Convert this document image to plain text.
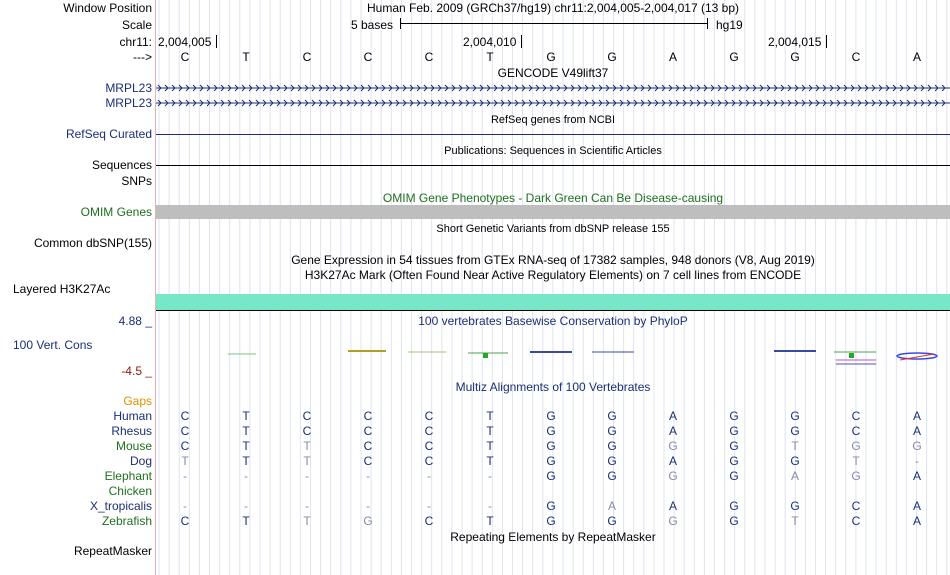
Window Position	Human Feb. 2009 (GRCh37/hg19) chr11:2,004,005-2,004,017 (13 bp)
Scale	5 bases	hg19
chr11: 2,004,005	2,004,010	2,004,015
---> C	T	C	C	C	T	G	G	A	G	G	C	A
GENCODE V49lift37
MRPL23
MRPL23
RefSeq genes from NCBI
RefSeq Curated
Publications: Sequences in Scientific Articles
Sequences
SNPs
OMIM Gene Phenotypes - Dark Green Can Be Disease-causing
OMIM Genes
Short Genetic Variants from dbSNP release 155
Common dbSNP(155)
Gene Expression in 54 tissues from GTEx RNA-seq of 17382 samples, 948 donors (V8, Aug 2019)
H3K27Ac Mark (Often Found Near Active Regulatory Elements) on 7 cell lines from ENCODE
Layered H3K27Ac
4.88 _	100 vertebrates Basewise Conservation by PhyloP
100 Vert. Cons
-4.5 _
Multiz Alignments of 100 Vertebrates
Gaps
Human C	T	C	C	C	T	G	G	A	G	G	C	A
Rhesus C	T	C	C	C	T	G	G	A	G	G	C	A
Mouse C	T	T	C	C	T	G	G	G	G	T	G	G
Dog T	T	T	C	C	T	G	G	A	G	G	T	-
Elephant	-	-	-	-	-	-	G	G	G	G	A	G	A
Chicken
X_tropicalis	-	-	-	-	-	-	G	A	A	G	G	C	A
Zebrafish C	T	T	G	C	T	G	G	G	G	T	C	A
Repeating Elements by RepeatMasker
RepeatMasker
